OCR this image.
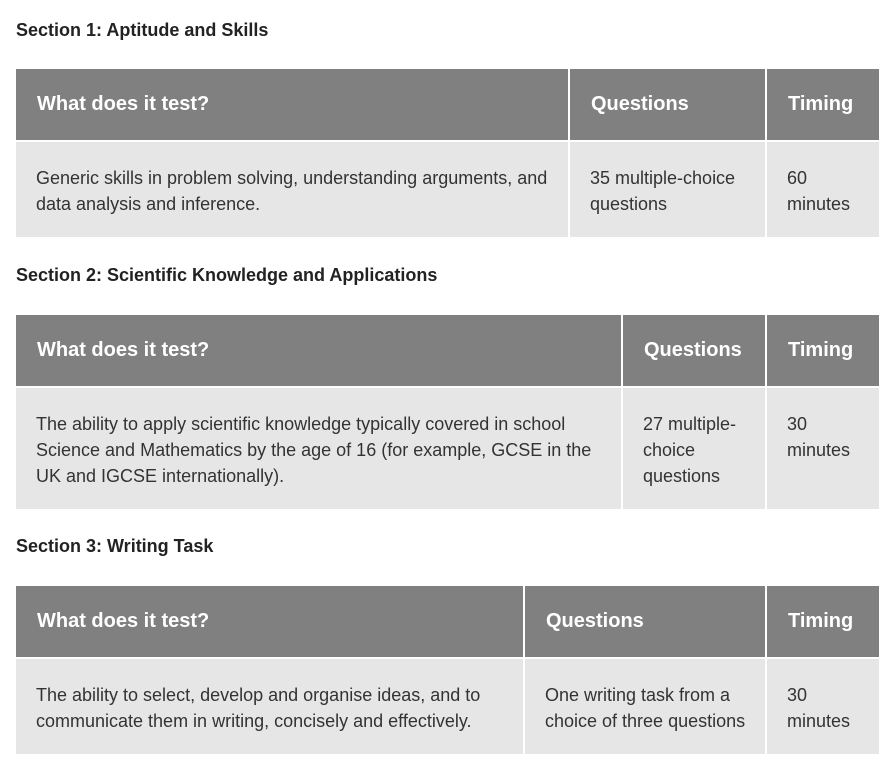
Section 1: Aptitude and Skills
What does it test?	Questions	Timing
Generic skills in problem solving, understanding arguments, and data analysis and inference.	35 multiple-choice questions	60 minutes
Section 2: Scientific Knowledge and Applications
What does it test?	Questions	Timing
The ability to apply scientific knowledge typically covered in school Science and Mathematics by the age of 16 (for example, GCSE in the UK and IGCSE internationally).	27 multiple-choice questions	30 minutes
Section 3: Writing Task
What does it test?	Questions	Timing
The ability to select, develop and organise ideas, and to communicate them in writing, concisely and effectively.	One writing task from a choice of three questions	30 minutes
